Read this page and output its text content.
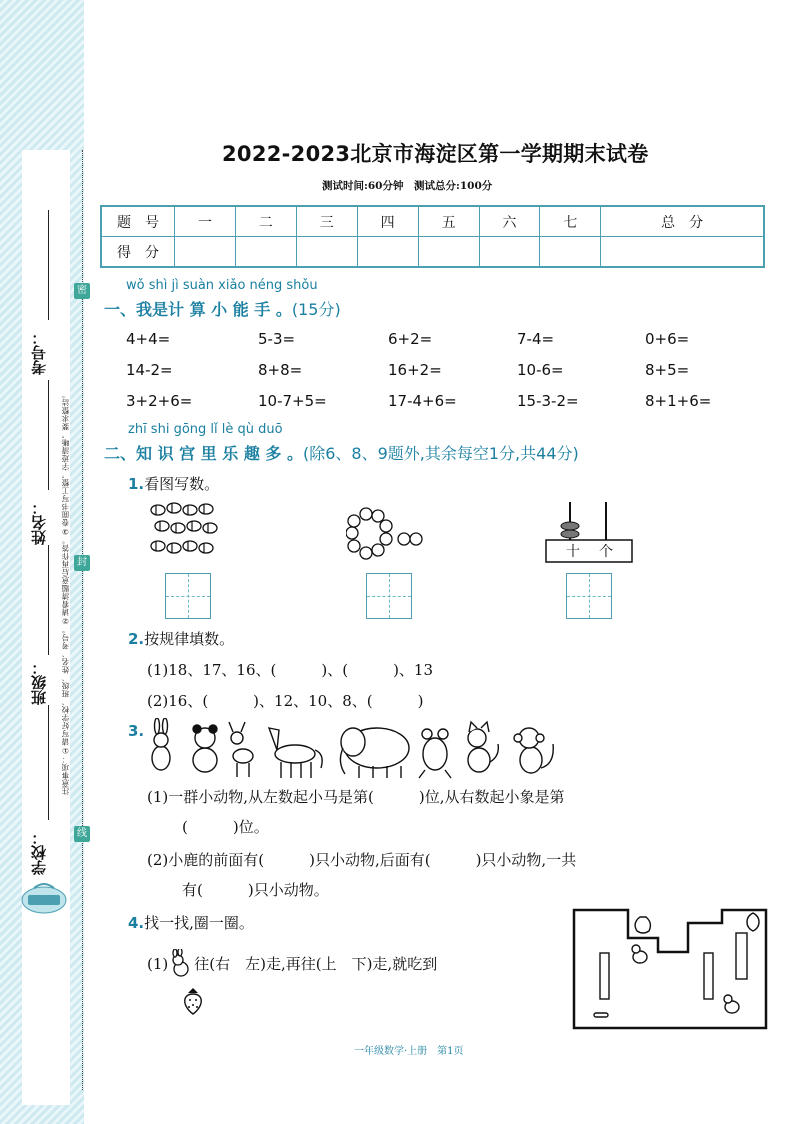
考号：
姓名：
班级：
学校：
注意事项：①请写好学校、班级、姓名、考号。②请看清题意后再作答。③卷面书写工整，字迹清晰，要求整洁。
密
封
线
2022-2023北京市海淀区第一学期期末试卷
测试时间:60分钟　测试总分:100分
题　号	一	二	三	四	五	六	七	总　分
得　分								
wǒ shì jì suàn xiǎo néng shǒu
一、我是计 算 小 能 手 。(15分)
4+4=	5-3=	6+2=	7-4=	0+6=
14-2=	8+8=	16+2=	10-6=	8+5=
3+2+6=	10-7+5=	17-4+6=	15-3-2=	8+1+6=
zhī shi gōng lǐ lè qù duō
二、知 识 宫 里 乐 趣 多 。(除6、8、9题外,其余每空1分,共44分)
1.看图写数。
十 个
2.按规律填数。
(1)18、17、16、(　　　)、(　　　)、13
(2)16、(　　　)、12、10、8、(　　　)
3.
(1)一群小动物,从左数起小马是第(　　　)位,从右数起小象是第
(　　　)位。
(2)小鹿的前面有(　　　)只小动物,后面有(　　　)只小动物,一共
有(　　　)只小动物。
4.找一找,圈一圈。
(1) 往(右　左)走,再往(上　下)走,就吃到
一年级数学·上册　第1页
